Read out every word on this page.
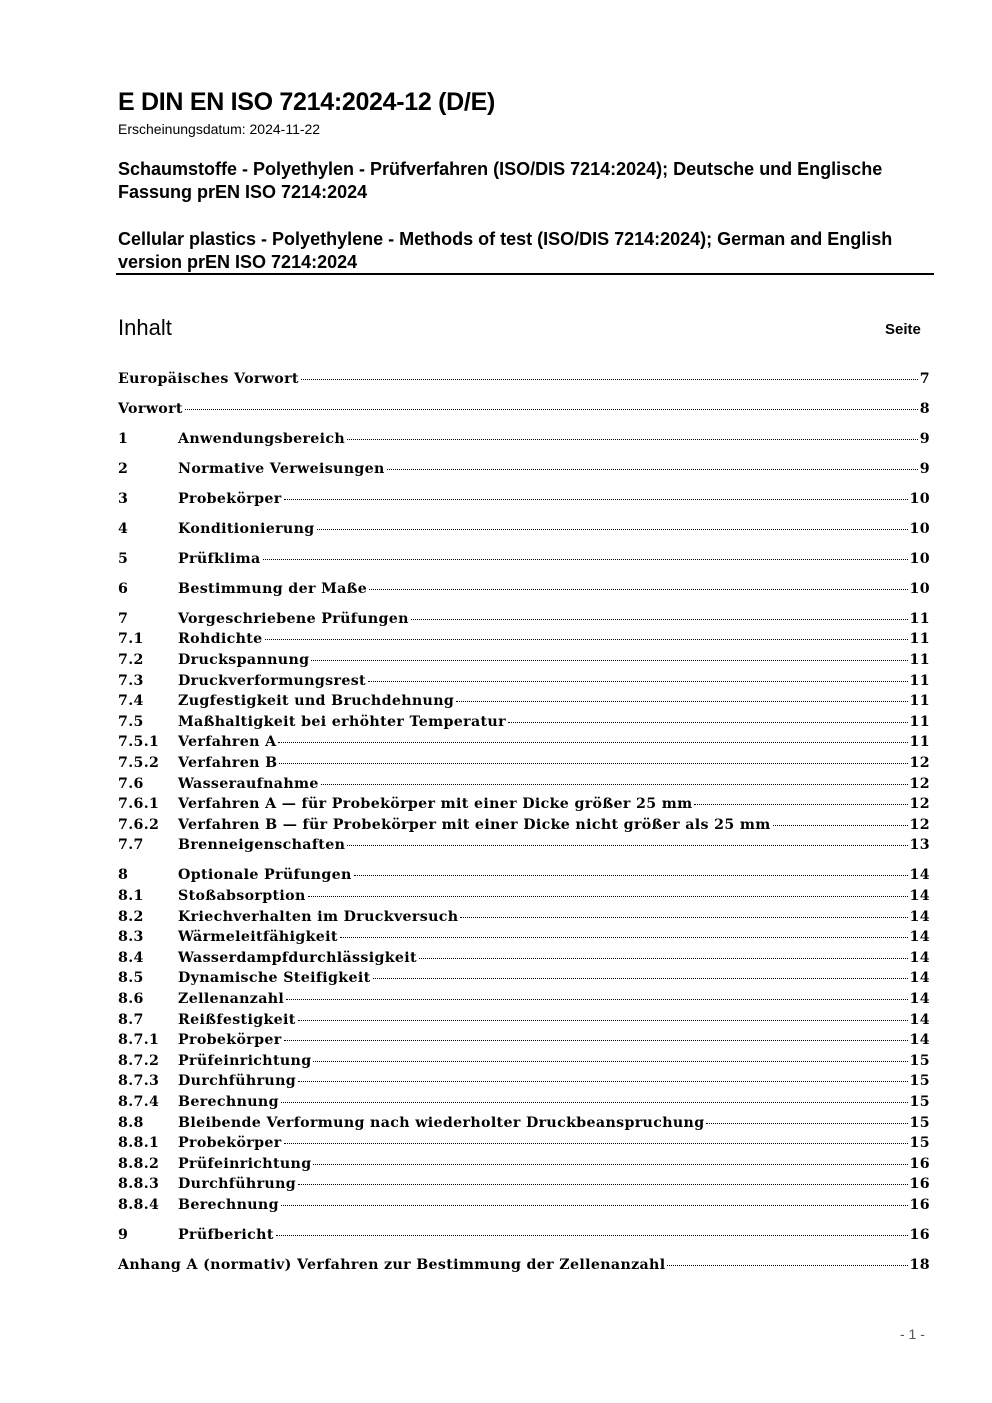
E DIN EN ISO 7214:2024-12 (D/E)
Erscheinungsdatum: 2024-11-22
Schaumstoffe - Polyethylen - Prüfverfahren (ISO/DIS 7214:2024); Deutsche und Englische Fassung prEN ISO 7214:2024
Cellular plastics - Polyethylene - Methods of test (ISO/DIS 7214:2024); German and English version prEN ISO 7214:2024
Inhalt	Seite
Europäisches Vorwort	7
Vorwort	8
1	Anwendungsbereich	9
2	Normative Verweisungen	9
3	Probekörper	10
4	Konditionierung	10
5	Prüfklima	10
6	Bestimmung der Maße	10
7	Vorgeschriebene Prüfungen	11
7.1	Rohdichte	11
7.2	Druckspannung	11
7.3	Druckverformungsrest	11
7.4	Zugfestigkeit und Bruchdehnung	11
7.5	Maßhaltigkeit bei erhöhter Temperatur	11
7.5.1	Verfahren A	11
7.5.2	Verfahren B	12
7.6	Wasseraufnahme	12
7.6.1	Verfahren A — für Probekörper mit einer Dicke größer 25 mm	12
7.6.2	Verfahren B — für Probekörper mit einer Dicke nicht größer als 25 mm	12
7.7	Brenneigenschaften	13
8	Optionale Prüfungen	14
8.1	Stoßabsorption	14
8.2	Kriechverhalten im Druckversuch	14
8.3	Wärmeleitfähigkeit	14
8.4	Wasserdampfdurchlässigkeit	14
8.5	Dynamische Steifigkeit	14
8.6	Zellenanzahl	14
8.7	Reißfestigkeit	14
8.7.1	Probekörper	14
8.7.2	Prüfeinrichtung	15
8.7.3	Durchführung	15
8.7.4	Berechnung	15
8.8	Bleibende Verformung nach wiederholter Druckbeanspruchung	15
8.8.1	Probekörper	15
8.8.2	Prüfeinrichtung	16
8.8.3	Durchführung	16
8.8.4	Berechnung	16
9	Prüfbericht	16
Anhang A (normativ) Verfahren zur Bestimmung der Zellenanzahl	18
- 1 -
